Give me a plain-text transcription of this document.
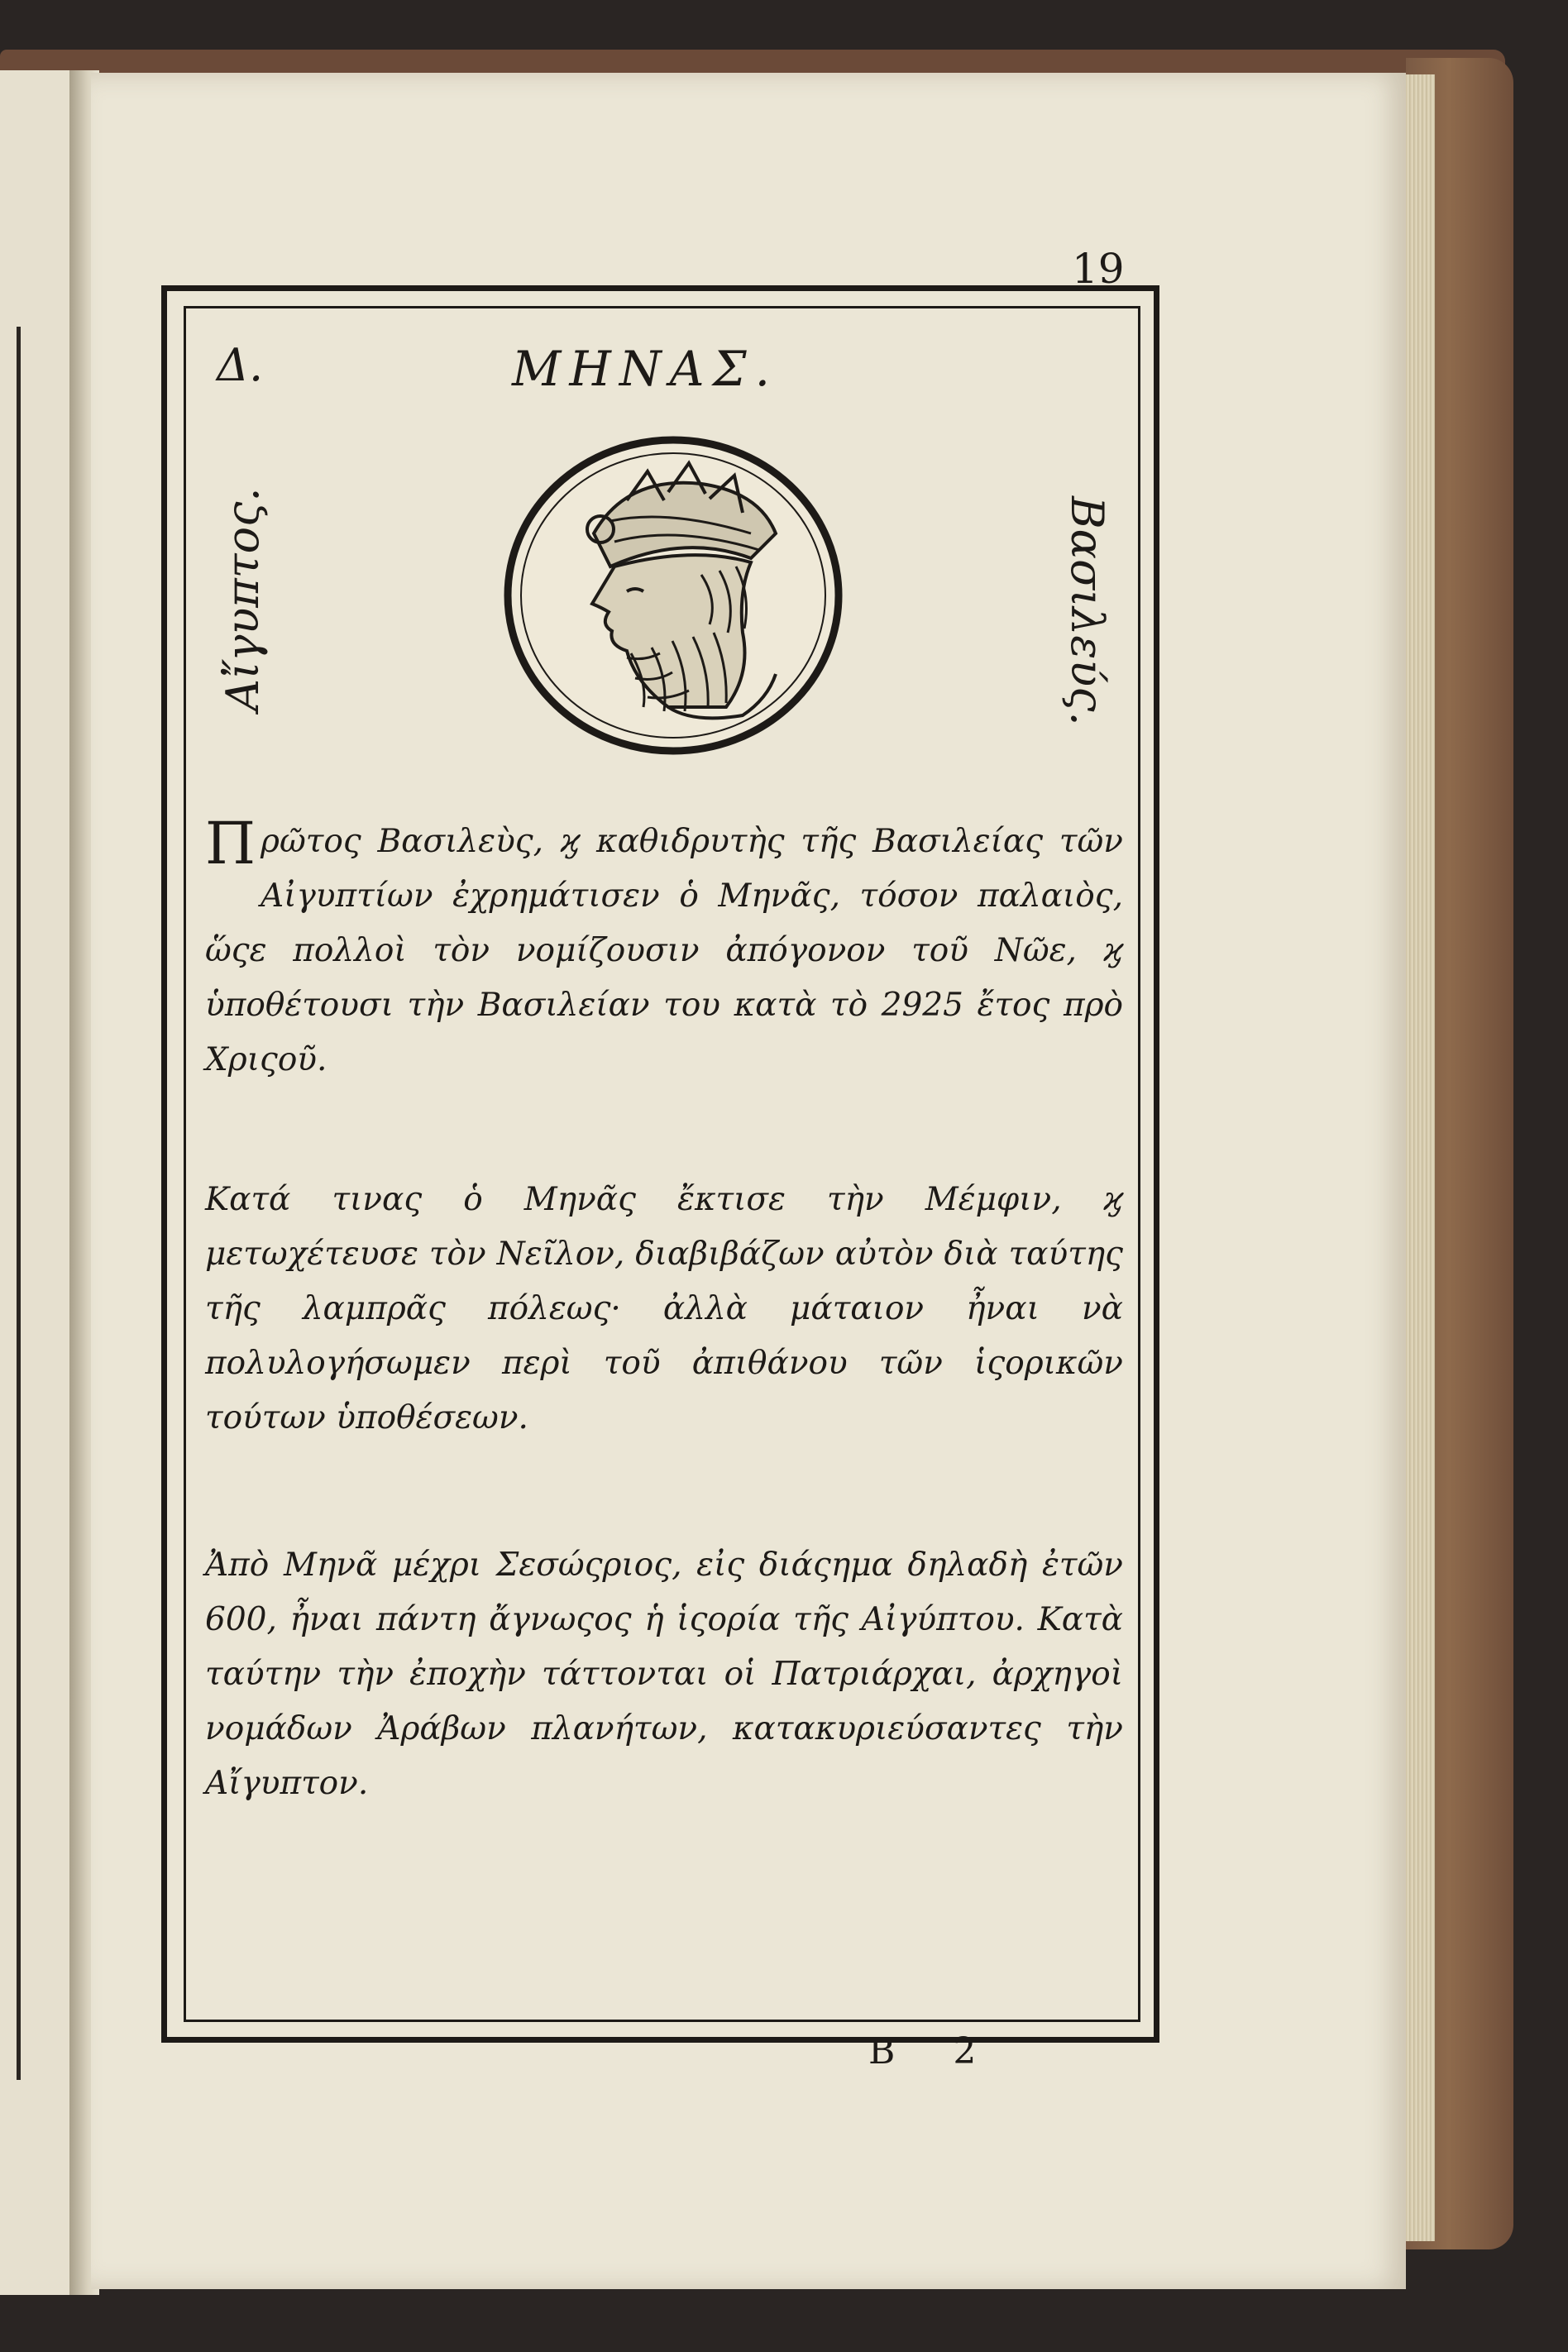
19
Δ.	ΜΗΝΑΣ.
Αἴγυπτος.	Βασιλεύς.
Πρῶτος Βασιλεὺς, ϗ καθιδρυτὴς τῆς Βασιλείας τῶν Αἰγυπτίων ἐχρημάτισεν ὁ Μηνᾶς, τόσον παλαιὸς, ὥςε πολλοὶ τὸν νομίζουσιν ἀπόγονον τοῦ Νῶε, ϗ ὑποθέτουσι τὴν Βασιλείαν του κατὰ τὸ 2925 ἔτος πρὸ Χριςοῦ.
Κατά τινας ὁ Μηνᾶς ἔκτισε τὴν Μέμφιν, ϗ μετωχέτευσε τὸν Νεῖλον, διαβιβάζων αὐτὸν διὰ ταύτης τῆς λαμπρᾶς πόλεως· ἀλλὰ μάταιον ἦναι νὰ πολυλογήσωμεν περὶ τοῦ ἀπιθάνου τῶν ἱςορικῶν τούτων ὑποθέσεων.
Ἀπὸ Μηνᾶ μέχρι Σεσώςριος, εἰς διάςημα δηλαδὴ ἐτῶν 600, ἦναι πάντη ἄγνωςος ἡ ἱςορία τῆς Αἰγύπτου. Κατὰ ταύτην τὴν ἐποχὴν τάττονται οἱ Πατριάρχαι, ἀρχηγοὶ νομάδων Ἀράβων πλανήτων, κατακυριεύσαντες τὴν Αἴγυπτον.
B 2
